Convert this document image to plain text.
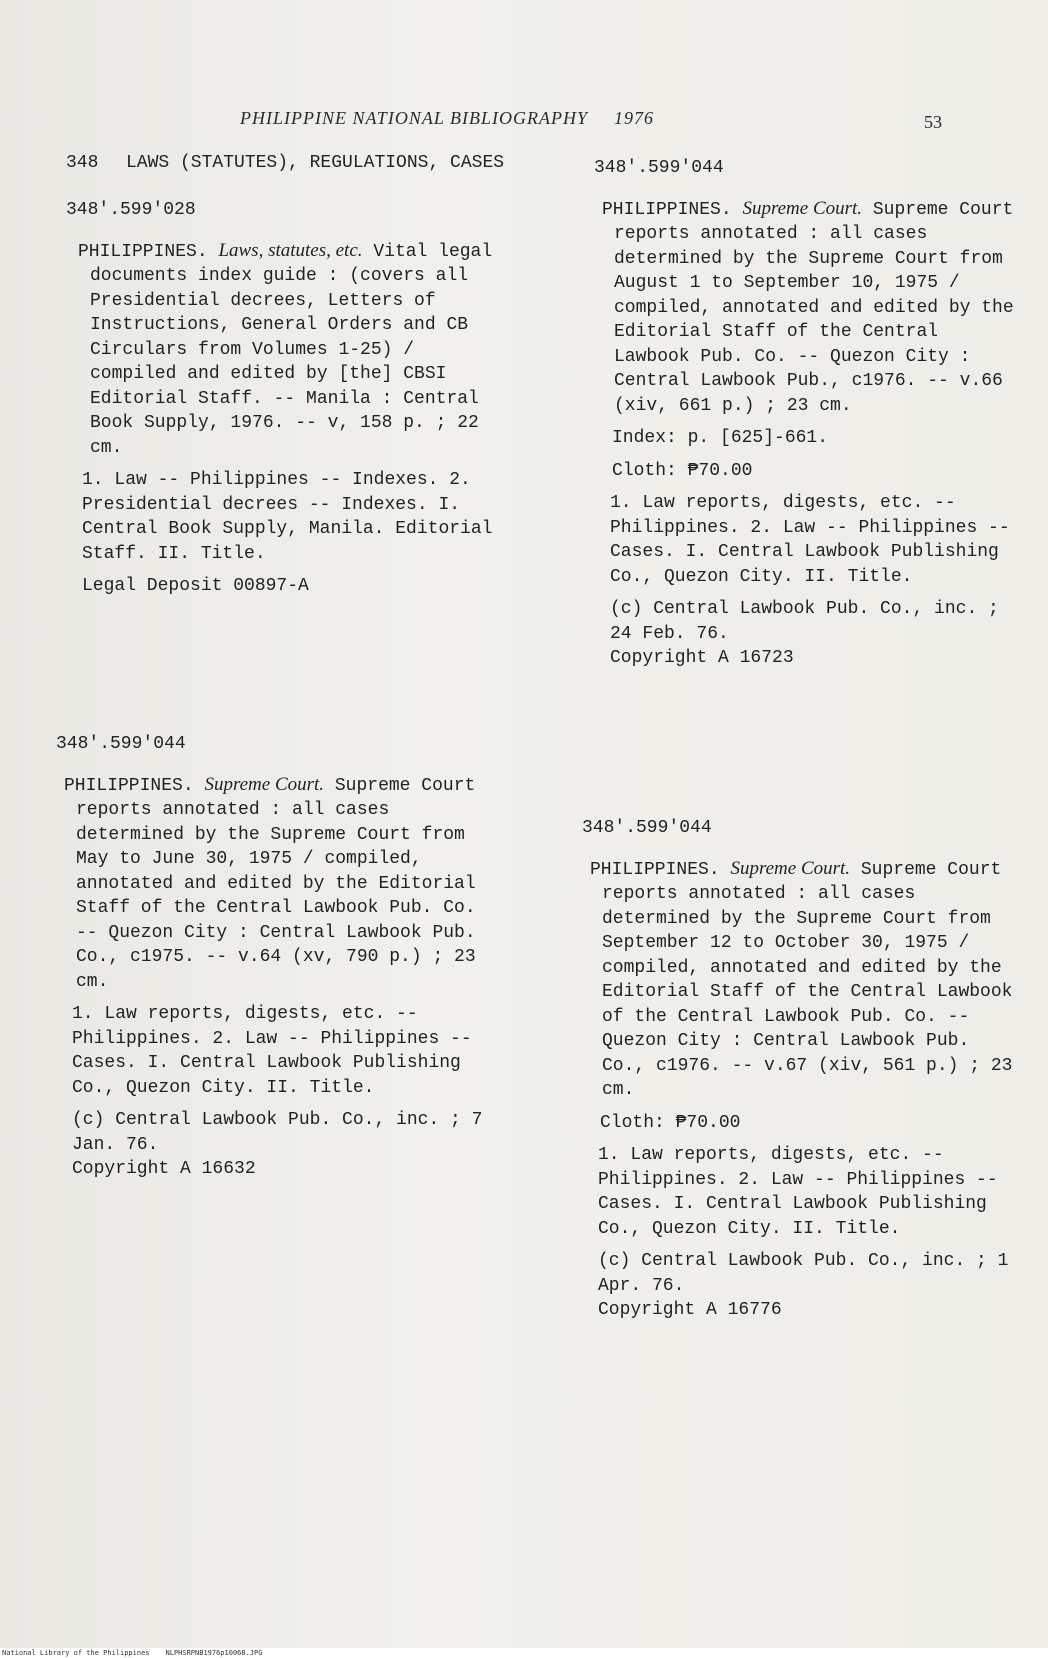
PHILIPPINE NATIONAL BIBLIOGRAPHY 1976	53
348 LAWS (STATUTES), REGULATIONS, CASES
348'.599'028
PHILIPPINES. Laws, statutes, etc. Vital legal documents index guide : (covers all Presidential decrees, Letters of Instructions, General Orders and CB Circulars from Volumes 1-25) / compiled and edited by [the] CBSI Editorial Staff. -- Manila : Central Book Supply, 1976. -- v, 158 p. ; 22 cm.
1. Law -- Philippines -- Indexes. 2. Presidential decrees -- Indexes. I. Central Book Supply, Manila. Editorial Staff. II. Title.
Legal Deposit 00897-A
348'.599'044
PHILIPPINES. Supreme Court. Supreme Court reports annotated : all cases determined by the Supreme Court from May to June 30, 1975 / compiled, annotated and edited by the Editorial Staff of the Central Lawbook Pub. Co. -- Quezon City : Central Lawbook Pub. Co., c1975. -- v.64 (xv, 790 p.) ; 23 cm.
1. Law reports, digests, etc. -- Philippines. 2. Law -- Philippines -- Cases. I. Central Lawbook Publishing Co., Quezon City. II. Title.
(c) Central Lawbook Pub. Co., inc. ; 7 Jan. 76.
Copyright A 16632
348'.599'044
PHILIPPINES. Supreme Court. Supreme Court reports annotated : all cases determined by the Supreme Court from August 1 to September 10, 1975 / compiled, annotated and edited by the Editorial Staff of the Central Lawbook Pub. Co. -- Quezon City : Central Lawbook Pub., c1976. -- v.66 (xiv, 661 p.) ; 23 cm.
Index: p. [625]-661.
Cloth: ₱70.00
1. Law reports, digests, etc. -- Philippines. 2. Law -- Philippines -- Cases. I. Central Lawbook Publishing Co., Quezon City. II. Title.
(c) Central Lawbook Pub. Co., inc. ; 24 Feb. 76.
Copyright A 16723
348'.599'044
PHILIPPINES. Supreme Court. Supreme Court reports annotated : all cases determined by the Supreme Court from September 12 to October 30, 1975 / compiled, annotated and edited by the Editorial Staff of the Central Lawbook of the Central Lawbook Pub. Co. -- Quezon City : Central Lawbook Pub. Co., c1976. -- v.67 (xiv, 561 p.) ; 23 cm.
Cloth: ₱70.00
1. Law reports, digests, etc. -- Philippines. 2. Law -- Philippines -- Cases. I. Central Lawbook Publishing Co., Quezon City. II. Title.
(c) Central Lawbook Pub. Co., inc. ; 1 Apr. 76.
Copyright A 16776
National Library of the Philippines NLPHSRPNB1976p10068.JPG
